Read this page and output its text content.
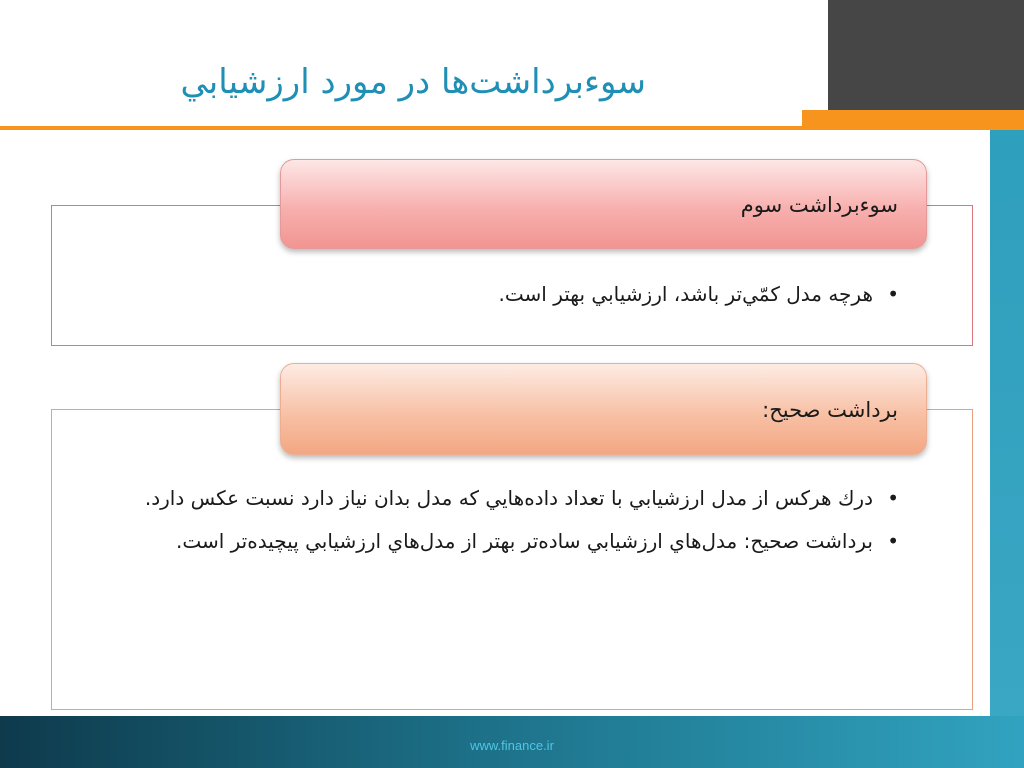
سوءبرداشت‌ها در مورد ارزشيابي
سوءبرداشت سوم
•
هرچه مدل كمّي‌تر باشد، ارزشيابي بهتر است.
برداشت صحيح:
•
درك هركس از مدل ارزشيابي با تعداد داده‌هايي كه مدل بدان نياز دارد نسبت عكس دارد.
•
برداشت صحيح: مدل‌هاي ارزشيابي ساده‌تر بهتر از مدل‌هاي ارزشيابي پيچيده‌تر است.
www.finance.ir
